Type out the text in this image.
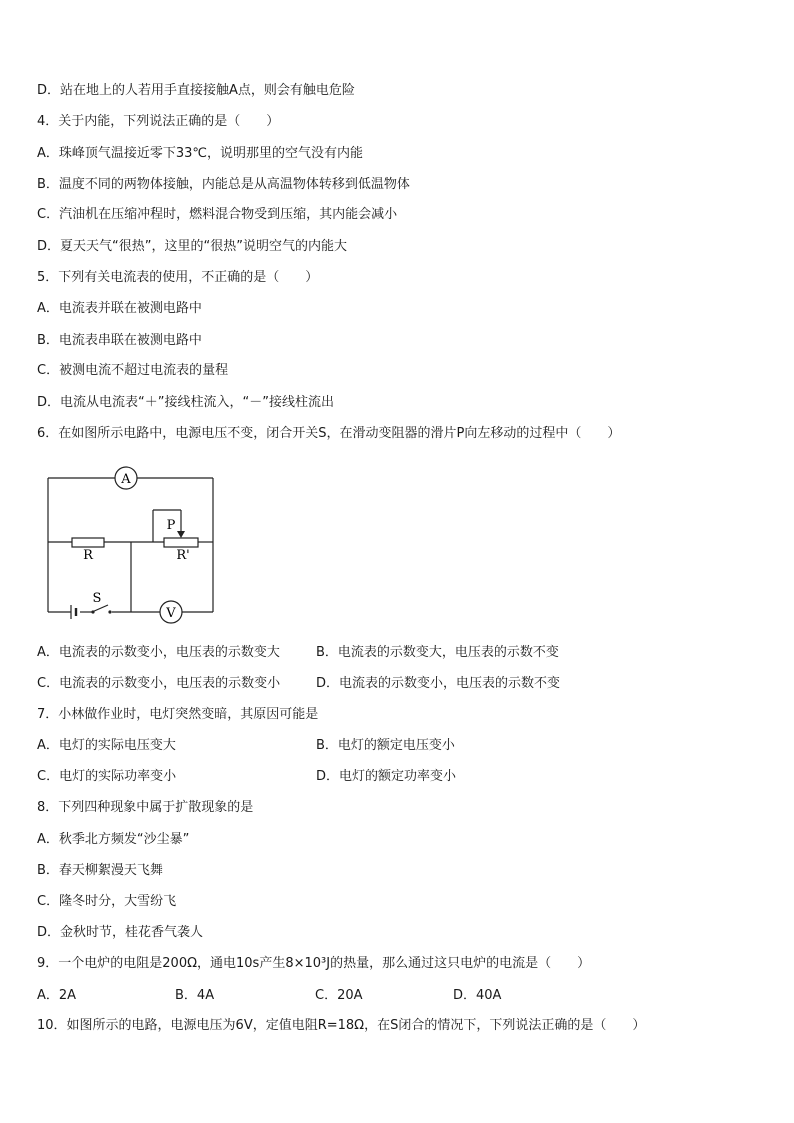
D．站在地上的人若用手直接接触A点，则会有触电危险
4．关于内能，下列说法正确的是（　　）
A．珠峰顶气温接近零下33℃，说明那里的空气没有内能
B．温度不同的两物体接触，内能总是从高温物体转移到低温物体
C．汽油机在压缩冲程时，燃料混合物受到压缩，其内能会减小
D．夏天天气“很热”，这里的“很热”说明空气的内能大
5．下列有关电流表的使用，不正确的是（　　）
A．电流表并联在被测电路中
B．电流表串联在被测电路中
C．被测电流不超过电流表的量程
D．电流从电流表“＋”接线柱流入，“－”接线柱流出
6．在如图所示电路中，电源电压不变，闭合开关S，在滑动变阻器的滑片P向左移动的过程中（　　）
A
V
R	R'
P
S
A．电流表的示数变小，电压表的示数变大	B．电流表的示数变大，电压表的示数不变
C．电流表的示数变小，电压表的示数变小	D．电流表的示数变小，电压表的示数不变
7．小林做作业时，电灯突然变暗，其原因可能是
A．电灯的实际电压变大	B．电灯的额定电压变小
C．电灯的实际功率变小	D．电灯的额定功率变小
8．下列四种现象中属于扩散现象的是
A．秋季北方频发“沙尘暴”
B．春天柳絮漫天飞舞
C．隆冬时分，大雪纷飞
D．金秋时节，桂花香气袭人
9．一个电炉的电阻是200Ω，通电10s产生8×10³J的热量，那么通过这只电炉的电流是（　　）
A．2A	B．4A	C．20A	D．40A
10．如图所示的电路，电源电压为6V，定值电阻R=18Ω，在S闭合的情况下，下列说法正确的是（　　）
